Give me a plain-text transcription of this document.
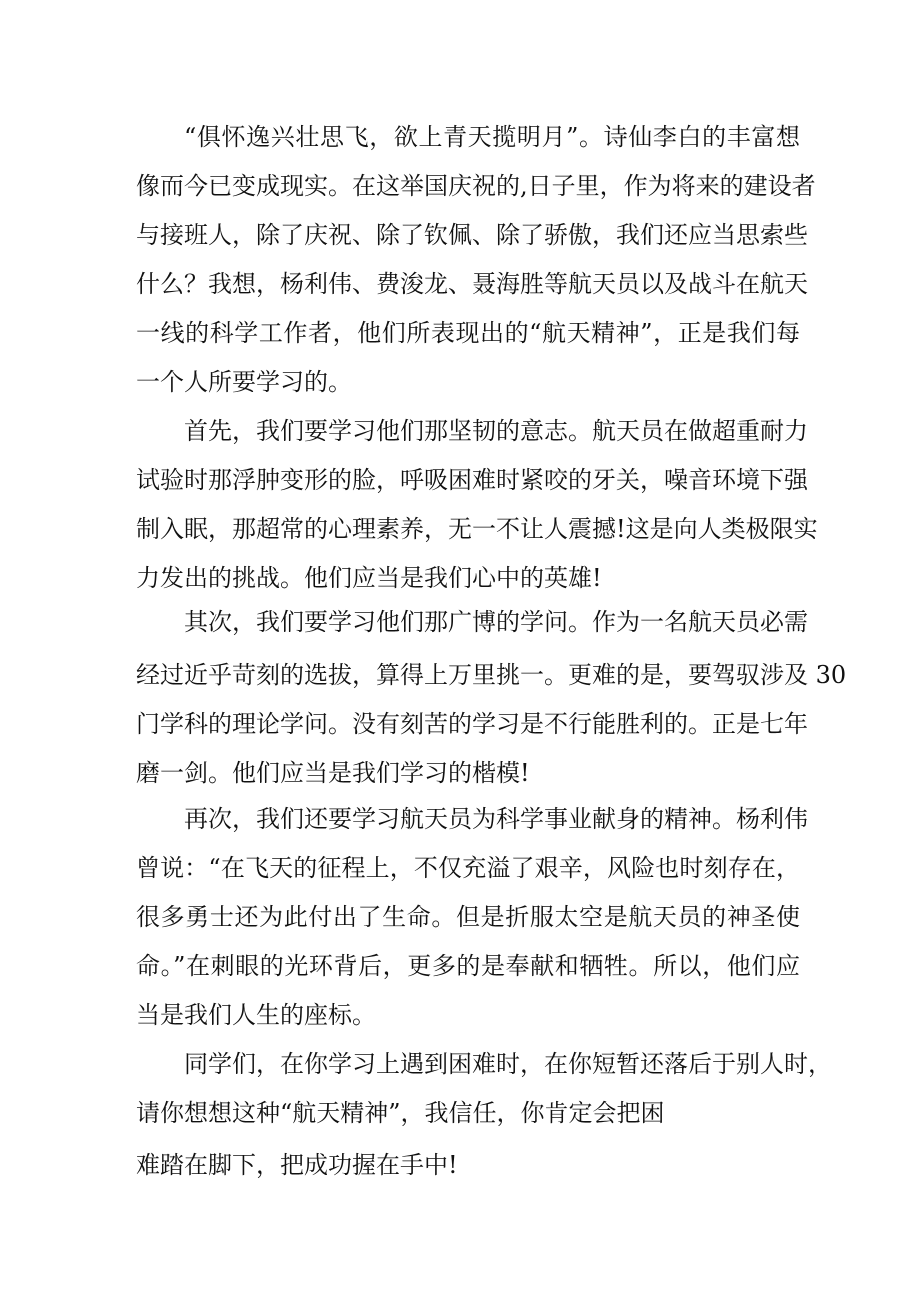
“俱怀逸兴壮思飞，欲上青天揽明月”。诗仙李白的丰富想
像而今已变成现实。在这举国庆祝的,日子里，作为将来的建设者
与接班人，除了庆祝、除了钦佩、除了骄傲，我们还应当思索些
什么？我想，杨利伟、费浚龙、聂海胜等航天员以及战斗在航天
一线的科学工作者，他们所表现出的“航天精神”，正是我们每
一个人所要学习的。
首先，我们要学习他们那坚韧的意志。航天员在做超重耐力
试验时那浮肿变形的脸，呼吸困难时紧咬的牙关，噪音环境下强
制入眠，那超常的心理素养，无一不让人震撼!这是向人类极限实
力发出的挑战。他们应当是我们心中的英雄!
其次，我们要学习他们那广博的学问。作为一名航天员必需
经过近乎苛刻的选拔，算得上万里挑一。更难的是，要驾驭涉及 30
门学科的理论学问。没有刻苦的学习是不行能胜利的。正是七年
磨一剑。他们应当是我们学习的楷模!
再次，我们还要学习航天员为科学事业献身的精神。杨利伟
曾说：“在飞天的征程上，不仅充溢了艰辛，风险也时刻存在，
很多勇士还为此付出了生命。但是折服太空是航天员的神圣使
命。”在刺眼的光环背后，更多的是奉献和牺牲。所以，他们应
当是我们人生的座标。
同学们，在你学习上遇到困难时，在你短暂还落后于别人时，
请你想想这种“航天精神”，我信任，你肯定会把困
难踏在脚下，把成功握在手中!
